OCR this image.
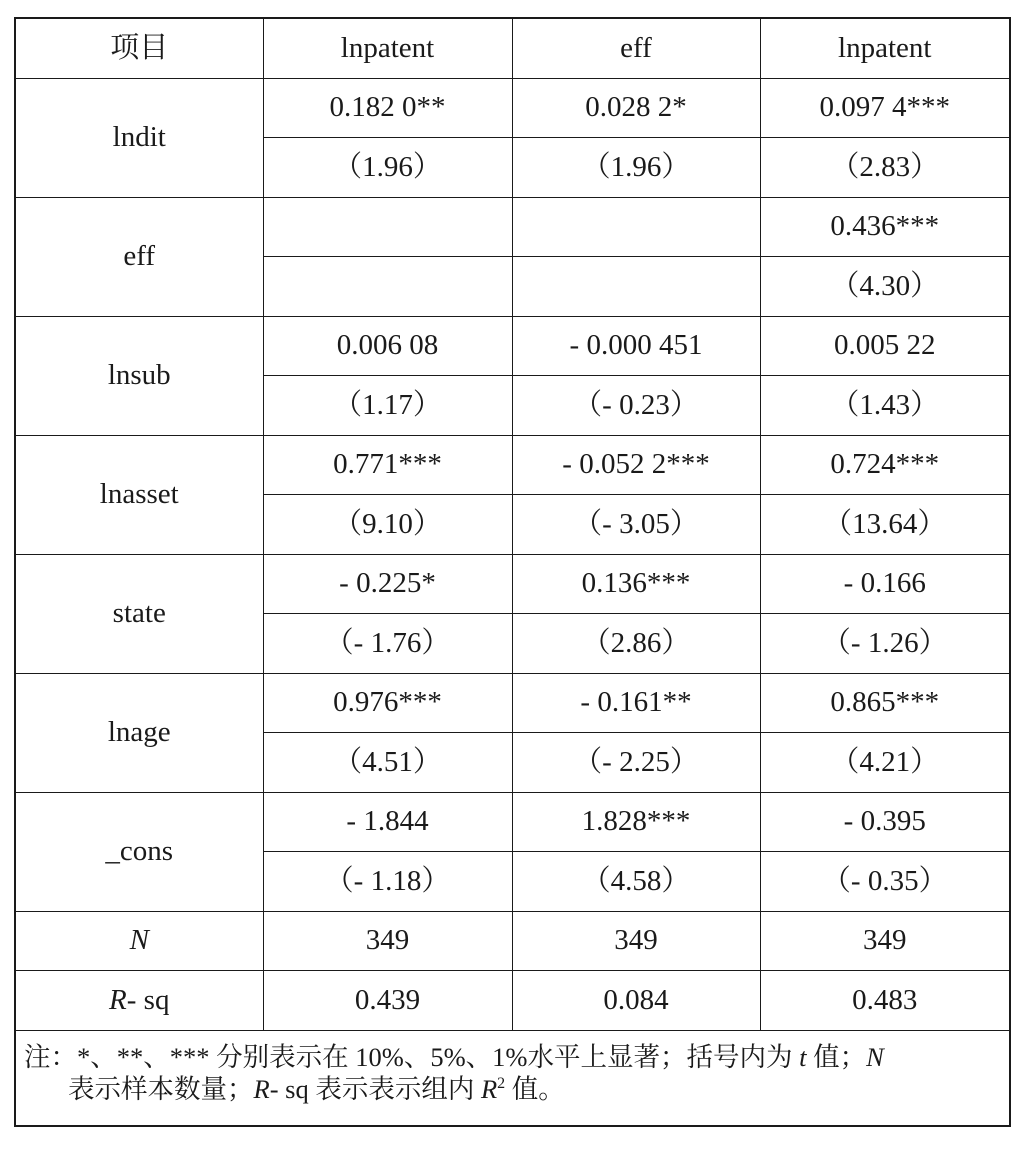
项目	lnpatent	eff	lnpatent
lndit	0.182 0**	0.028 2*	0.097 4***
	（1.96）	（1.96）	（2.83）
eff			0.436***
			（4.30）
lnsub	0.006 08	- 0.000 451	0.005 22
	（1.17）	（- 0.23）	（1.43）
lnasset	0.771***	- 0.052 2***	0.724***
	（9.10）	（- 3.05）	（13.64）
state	- 0.225*	0.136***	- 0.166
	（- 1.76）	（2.86）	（- 1.26）
lnage	0.976***	- 0.161**	0.865***
	（4.51）	（- 2.25）	（4.21）
_cons	- 1.844	1.828***	- 0.395
	（- 1.18）	（4.58）	（- 0.35）
N	349	349	349
R- sq	0.439	0.084	0.483
注：*、**、*** 分别表示在 10%、5%、1%水平上显著；括号内为 t 值；N
表示样本数量；R- sq 表示表示组内 $R^2$ 值。			
